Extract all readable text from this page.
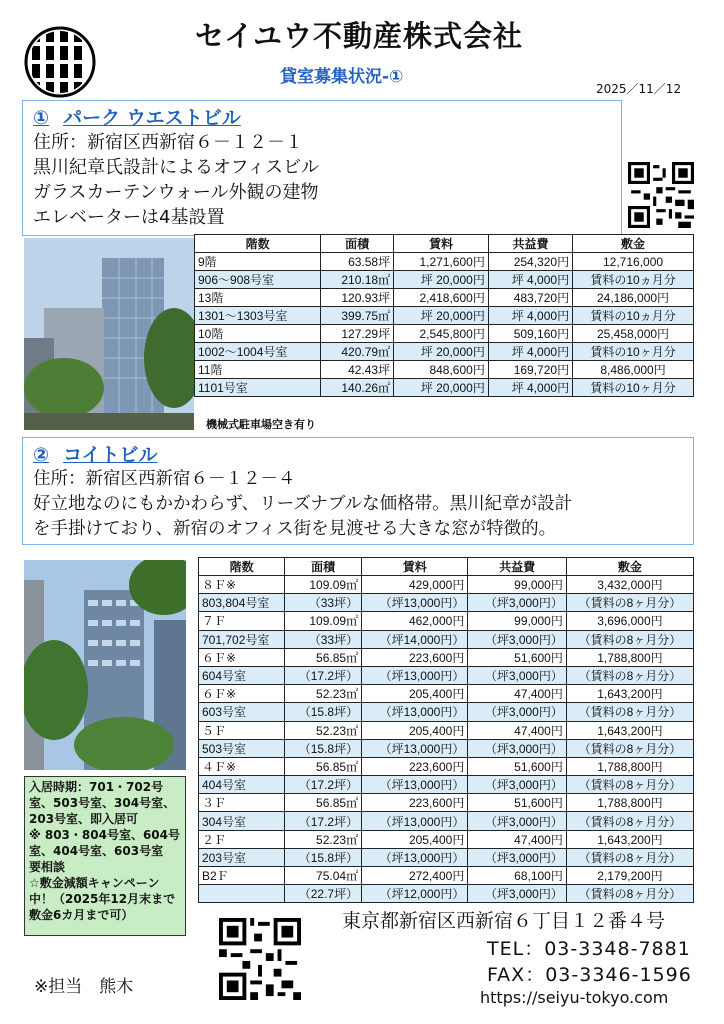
セイユウ不動産株式会社
貸室募集状況-①
2025／11／12
① パーク ウエストビル
住所：新宿区西新宿６－１２－１
黒川紀章氏設計によるオフィスビル
ガラスカーテンウォール外観の建物
エレベーターは4基設置
階数	面積	賃料	共益費	敷金
9階	63.58坪	1,271,600円	254,320円	12,716,000
906～908号室	210.18㎡	坪 20,000円	坪 4,000円	賃料の10ヵ月分
13階	120.93坪	2,418,600円	483,720円	24,186,000円
1301～1303号室	399.75㎡	坪 20,000円	坪 4,000円	賃料の10ヵ月分
10階	127.29坪	2,545,800円	509,160円	25,458,000円
1002～1004号室	420.79㎡	坪 20,000円	坪 4,000円	賃料の10ヶ月分
11階	42.43坪	848,600円	169,720円	8,486,000円
1101号室	140.26㎡	坪 20,000円	坪 4,000円	賃料の10ヶ月分
機械式駐車場空き有り
② コイトビル
住所：新宿区西新宿６－１２－４
好立地なのにもかかわらず、リーズナブルな価格帯。黒川紀章が設計
を手掛けており、新宿のオフィス街を見渡せる大きな窓が特徴的。
階数	面積	賃料	共益費	敷金
８Ｆ※	109.09㎡	429,000円	99,000円	3,432,000円
803,804号室	（33坪）	（坪13,000円）	（坪3,000円）	（賃料の8ヶ月分）
７Ｆ	109.09㎡	462,000円	99,000円	3,696,000円
701,702号室	（33坪）	（坪14,000円）	（坪3,000円）	（賃料の8ヶ月分）
６Ｆ※	56.85㎡	223,600円	51,600円	1,788,800円
604号室	（17.2坪）	（坪13,000円）	（坪3,000円）	（賃料の8ヶ月分）
６Ｆ※	52.23㎡	205,400円	47,400円	1,643,200円
603号室	（15.8坪）	（坪13,000円）	（坪3,000円）	（賃料の8ヶ月分）
５Ｆ	52.23㎡	205,400円	47,400円	1,643,200円
503号室	（15.8坪）	（坪13,000円）	（坪3,000円）	（賃料の8ヶ月分）
４Ｆ※	56.85㎡	223,600円	51,600円	1,788,800円
404号室	（17.2坪）	（坪13,000円）	（坪3,000円）	（賃料の8ヶ月分）
３Ｆ	56.85㎡	223,600円	51,600円	1,788,800円
304号室	（17.2坪）	（坪13,000円）	（坪3,000円）	（賃料の8ヶ月分）
２Ｆ	52.23㎡	205,400円	47,400円	1,643,200円
203号室	（15.8坪）	（坪13,000円）	（坪3,000円）	（賃料の8ヶ月分）
B2Ｆ	75.04㎡	272,400円	68,100円	2,179,200円
	（22.7坪）	（坪12,000円）	（坪3,000円）	（賃料の8ヶ月分）

入居時期：701・702号室、503号室、304号室、203号室、即入居可

※ 803・804号室、604号室、404号室、603号室　要相談

☆敷金減額キャンペーン中！（2025年12月末まで敷金6カ月まで可）	東京都新宿区西新宿６丁目１２番４号
TEL：03-3348-7881
FAX：03-3346-1596
https://seiyu-tokyo.com
※担当　熊木
